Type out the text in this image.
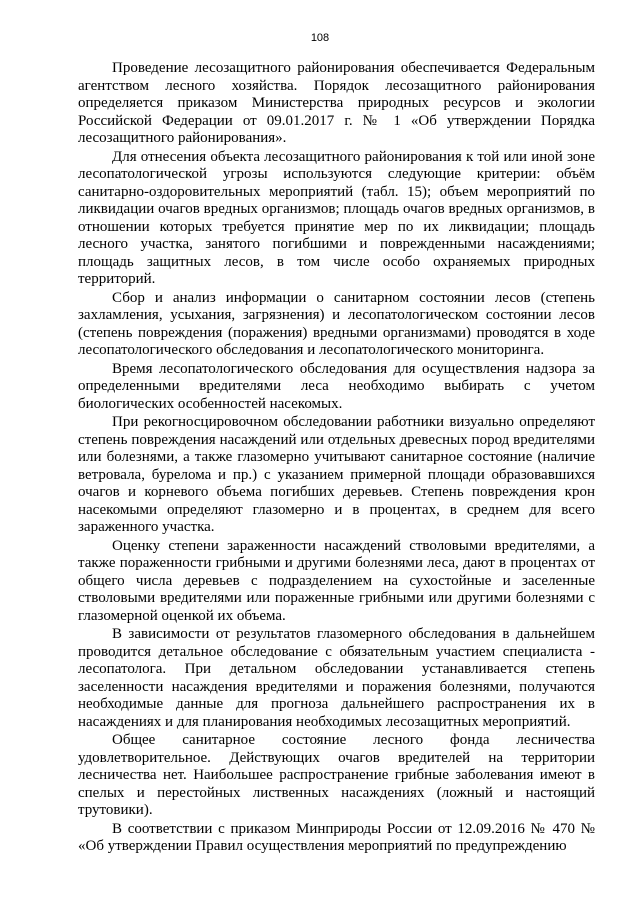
108

Проведение лесозащитного районирования обеспечивается Федеральным агентством лесного хозяйства. Порядок лесозащитного районирования определяется приказом Министерства природных ресурсов и экологии Российской Федерации от 09.01.2017 г. № 1 «Об утверждении Порядка лесозащитного районирования».

Для отнесения объекта лесозащитного районирования к той или иной зоне лесопатологической угрозы используются следующие критерии: объём санитарно-оздоровительных мероприятий (табл. 15); объем мероприятий по ликвидации очагов вредных организмов; площадь очагов вредных организмов, в отношении которых требуется принятие мер по их ликвидации; площадь лесного участка, занятого погибшими и поврежденными насаждениями; площадь защитных лесов, в том числе особо охраняемых природных территорий.

Сбор и анализ информации о санитарном состоянии лесов (степень захламления, усыхания, загрязнения) и лесопатологическом состоянии лесов (степень повреждения (поражения) вредными организмами) проводятся в ходе лесопатологического обследования и лесопатологического мониторинга.

Время лесопатологического обследования для осуществления надзора за определенными вредителями леса необходимо выбирать с учетом биологических особенностей насекомых.

При рекогносцировочном обследовании работники визуально определяют степень повреждения насаждений или отдельных древесных пород вредителями или болезнями, а также глазомерно учитывают санитарное состояние (наличие ветровала, бурелома и пр.) с указанием примерной площади образовавшихся очагов и корневого объема погибших деревьев. Степень повреждения крон насекомыми определяют глазомерно и в процентах, в среднем для всего зараженного участка.

Оценку степени зараженности насаждений стволовыми вредителями, а также пораженности грибными и другими болезнями леса, дают в процентах от общего числа деревьев с подразделением на сухостойные и заселенные стволовыми вредителями или пораженные грибными или другими болезнями с глазомерной оценкой их объема.

В зависимости от результатов глазомерного обследования в дальнейшем проводится детальное обследование с обязательным участием специалиста - лесопатолога. При детальном обследовании устанавливается степень заселенности насаждения вредителями и поражения болезнями, получаются необходимые данные для прогноза дальнейшего распространения их в насаждениях и для планирования необходимых лесозащитных мероприятий.

Общее санитарное состояние лесного фонда лесничества удовлетворительное. Действующих очагов вредителей на территории лесничества нет. Наибольшее распространение грибные заболевания имеют в спелых и перестойных лиственных насаждениях (ложный и настоящий трутовики).

В соответствии с приказом Минприроды России от 12.09.2016 № 470 № «Об утверждении Правил осуществления мероприятий по предупреждению
